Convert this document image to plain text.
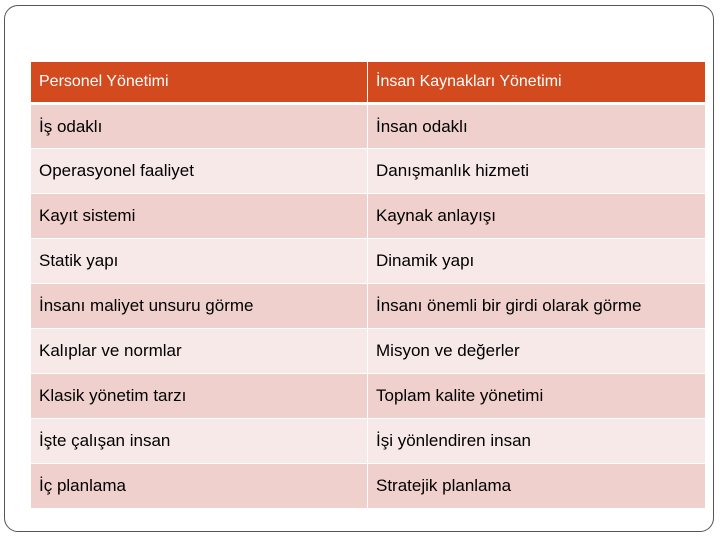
Personel Yönetimi	İnsan Kaynakları Yönetimi
İş odaklı	İnsan odaklı
Operasyonel faaliyet	Danışmanlık hizmeti
Kayıt sistemi	Kaynak anlayışı
Statik yapı	Dinamik yapı
İnsanı maliyet unsuru görme	İnsanı önemli bir girdi olarak görme
Kalıplar ve normlar	Misyon ve değerler
Klasik yönetim tarzı	Toplam kalite yönetimi
İşte çalışan insan	İşi yönlendiren insan
İç planlama	Stratejik planlama
